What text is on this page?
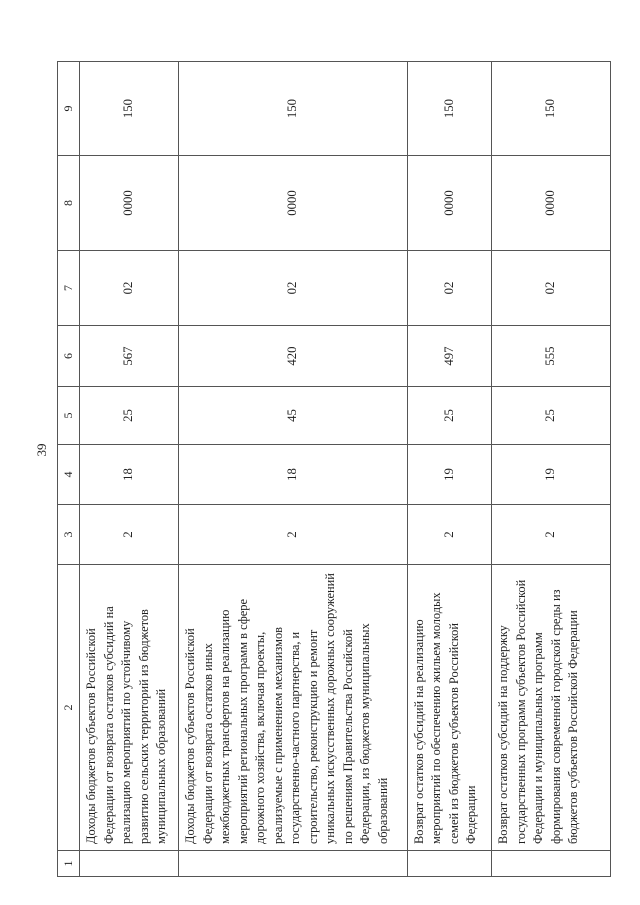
39
1	2	3	4	5	6	7	8	9
	Доходы бюджетов субъектов Российской Федерации от возврата остатков субсидий на реализацию мероприятий по устойчивому развитию сельских территорий из бюджетов муниципальных образований	2	18	25	567	02	0000	150
	Доходы бюджетов субъектов Российской Федерации от возврата остатков иных межбюджетных трансфертов на реализацию мероприятий региональных программ в сфере дорожного хозяйства, включая проекты, реализуемые с применением механизмов государственно-частного партнерства, и строительство, реконструкцию и ремонт уникальных искусственных дорожных сооружений по решениям Правительства Российской Федерации, из бюджетов муниципальных образований	2	18	45	420	02	0000	150
	Возврат остатков субсидий на реализацию мероприятий по обеспечению жильем молодых семей из бюджетов субъектов Российской Федерации	2	19	25	497	02	0000	150
	Возврат остатков субсидий на поддержку государственных программ субъектов Российской Федерации и муниципальных программ формирования современной городской среды из бюджетов субъектов Российской Федерации	2	19	25	555	02	0000	150
